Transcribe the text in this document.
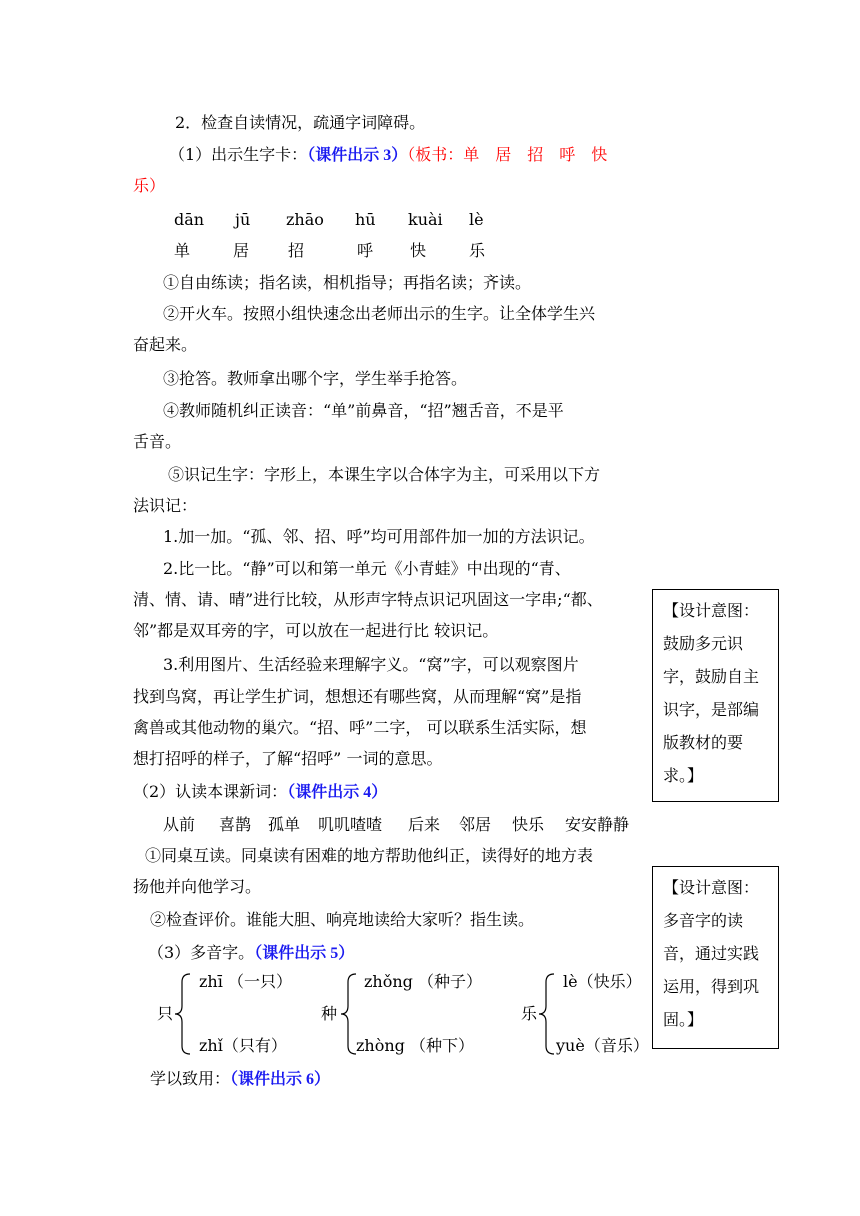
2．检查自读情况，疏通字词障碍。
（1）出示生字卡：（课件出示 3）（板书：单　居　招　呼　快
乐）
dān jū zhāo hū kuài lè
单	居 招	呼 快	乐
①自由练读；指名读，相机指导；再指名读；齐读。
②开火车。按照小组快速念出老师出示的生字。让全体学生兴
奋起来。
③抢答。教师拿出哪个字，学生举手抢答。
④教师随机纠正读音：“单”前鼻音，“招”翘舌音，不是平
舌音。
⑤识记生字：字形上，本课生字以合体字为主，可采用以下方
法识记：
1.加一加。“孤、邻、招、呼”均可用部件加一加的方法识记。
2.比一比。“静”可以和第一单元《小青蛙》中出现的“青、
清、情、请、晴”进行比较，从形声字特点识记巩固这一字串;“都、
邻”都是双耳旁的字，可以放在一起进行比 较识记。
3.利用图片、生活经验来理解字义。“窝”字，可以观察图片
找到鸟窝，再让学生扩词，想想还有哪些窝，从而理解“窝”是指
禽兽或其他动物的巢穴。“招、呼”二字， 可以联系生活实际，想
想打招呼的样子，了解“招呼” 一词的意思。
（2）认读本课新词：（课件出示 4）
从前 喜鹊 孤单 叽叽喳喳 后来 邻居 快乐 安安静静
①同桌互读。同桌读有困难的地方帮助他纠正，读得好的地方表
扬他并向他学习。
②检查评价。谁能大胆、响亮地读给大家听？指生读。
（3）多音字。（课件出示 5）
只
zhī （一只）
zhǐ（只有）
种
zhǒng （种子）
zhòng （种下）
乐
lè（快乐）
yuè（音乐）
学以致用：（课件出示 6）
【设计意图：
鼓励多元识
字，鼓励自主
识字，是部编
版教材的要
求。】
【设计意图：
多音字的读
音，通过实践
运用，得到巩
固。】
